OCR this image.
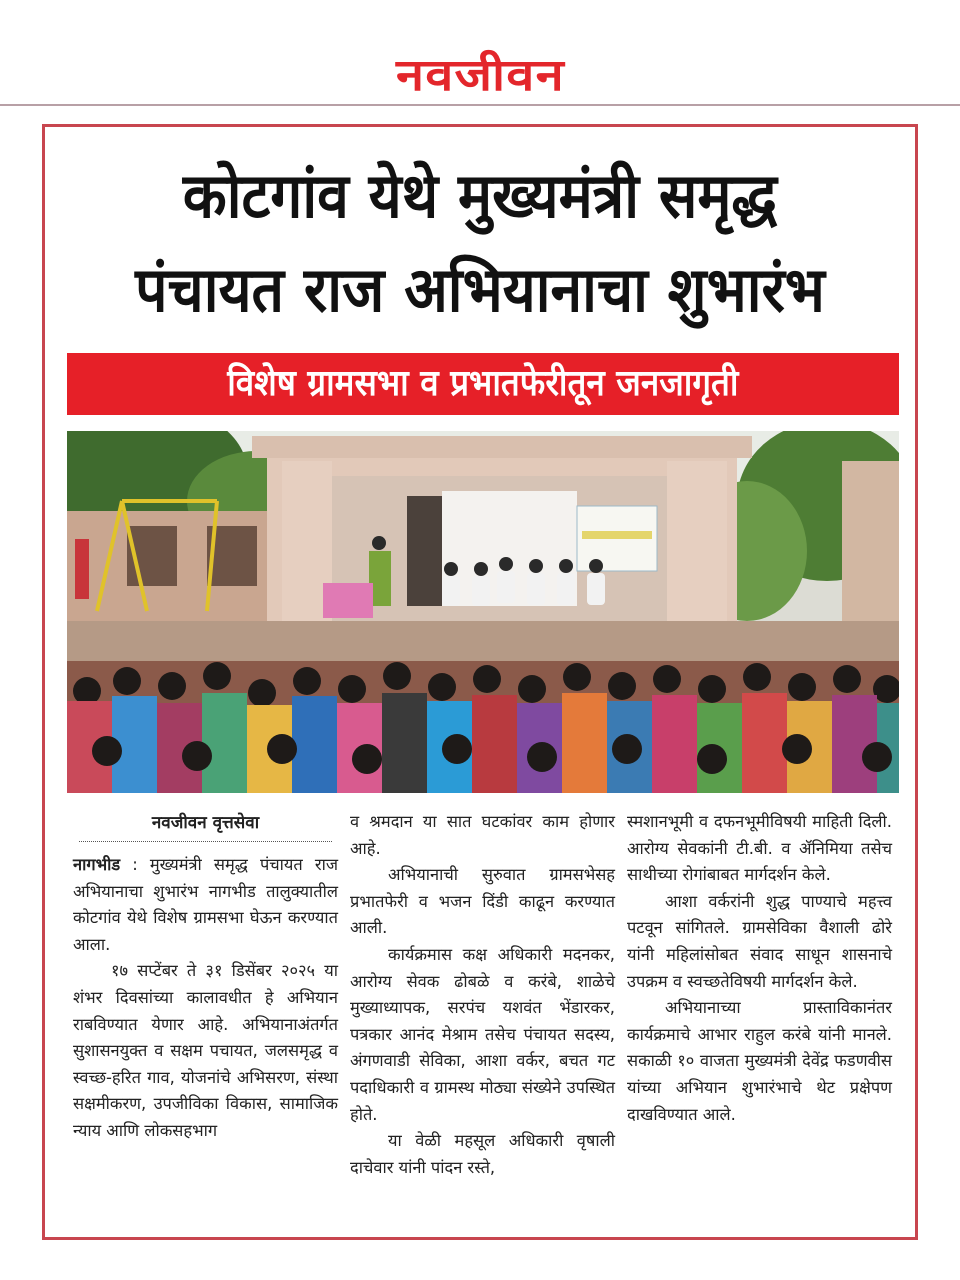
नवजीवन
कोटगांव येथे मुख्यमंत्री समृद्ध
पंचायत राज अभियानाचा शुभारंभ
विशेष ग्रामसभा व प्रभातफेरीतून जनजागृती
नवजीवन वृत्तसेवा

नागभीड : मुख्यमंत्री समृद्ध पंचायत राज अभियानाचा शुभारंभ नागभीड तालुक्यातील कोटगांव येथे विशेष ग्रामसभा घेऊन करण्यात आला.

१७ सप्टेंबर ते ३१ डिसेंबर २०२५ या शंभर दिवसांच्या कालावधीत हे अभियान राबविण्यात येणार आहे. अभियानाअंतर्गत सुशासनयुक्त व सक्षम पचायत, जलसमृद्ध व स्वच्छ-हरित गाव, योजनांचे अभिसरण, संस्था सक्षमीकरण, उपजीविका विकास, सामाजिक न्याय आणि लोकसहभाग

व श्रमदान या सात घटकांवर काम होणार आहे.

अभियानाची सुरुवात ग्रामसभेसह प्रभातफेरी व भजन दिंडी काढून करण्यात आली.

कार्यक्रमास कक्ष अधिकारी मदनकर, आरोग्य सेवक ढोबळे व करंबे, शाळेचे मुख्याध्यापक, सरपंच यशवंत भेंडारकर, पत्रकार आनंद मेश्राम तसेच पंचायत सदस्य, अंगणवाडी सेविका, आशा वर्कर, बचत गट पदाधिकारी व ग्रामस्थ मोठ्या संख्येने उपस्थित होते.

या वेळी महसूल अधिकारी वृषाली दाचेवार यांनी पांदन रस्ते,

स्मशानभूमी व दफनभूमीविषयी माहिती दिली. आरोग्य सेवकांनी टी.बी. व ॲनिमिया तसेच साथीच्या रोगांबाबत मार्गदर्शन केले.

आशा वर्करांनी शुद्ध पाण्याचे महत्त्व पटवून सांगितले. ग्रामसेविका वैशाली ढोरे यांनी महिलांसोबत संवाद साधून शासनाचे उपक्रम व स्वच्छतेविषयी मार्गदर्शन केले.

अभियानाच्या प्रास्ताविकानंतर कार्यक्रमाचे आभार राहुल करंबे यांनी मानले. सकाळी १० वाजता मुख्यमंत्री देवेंद्र फडणवीस यांच्या अभियान शुभारंभाचे थेट प्रक्षेपण दाखविण्यात आले.
